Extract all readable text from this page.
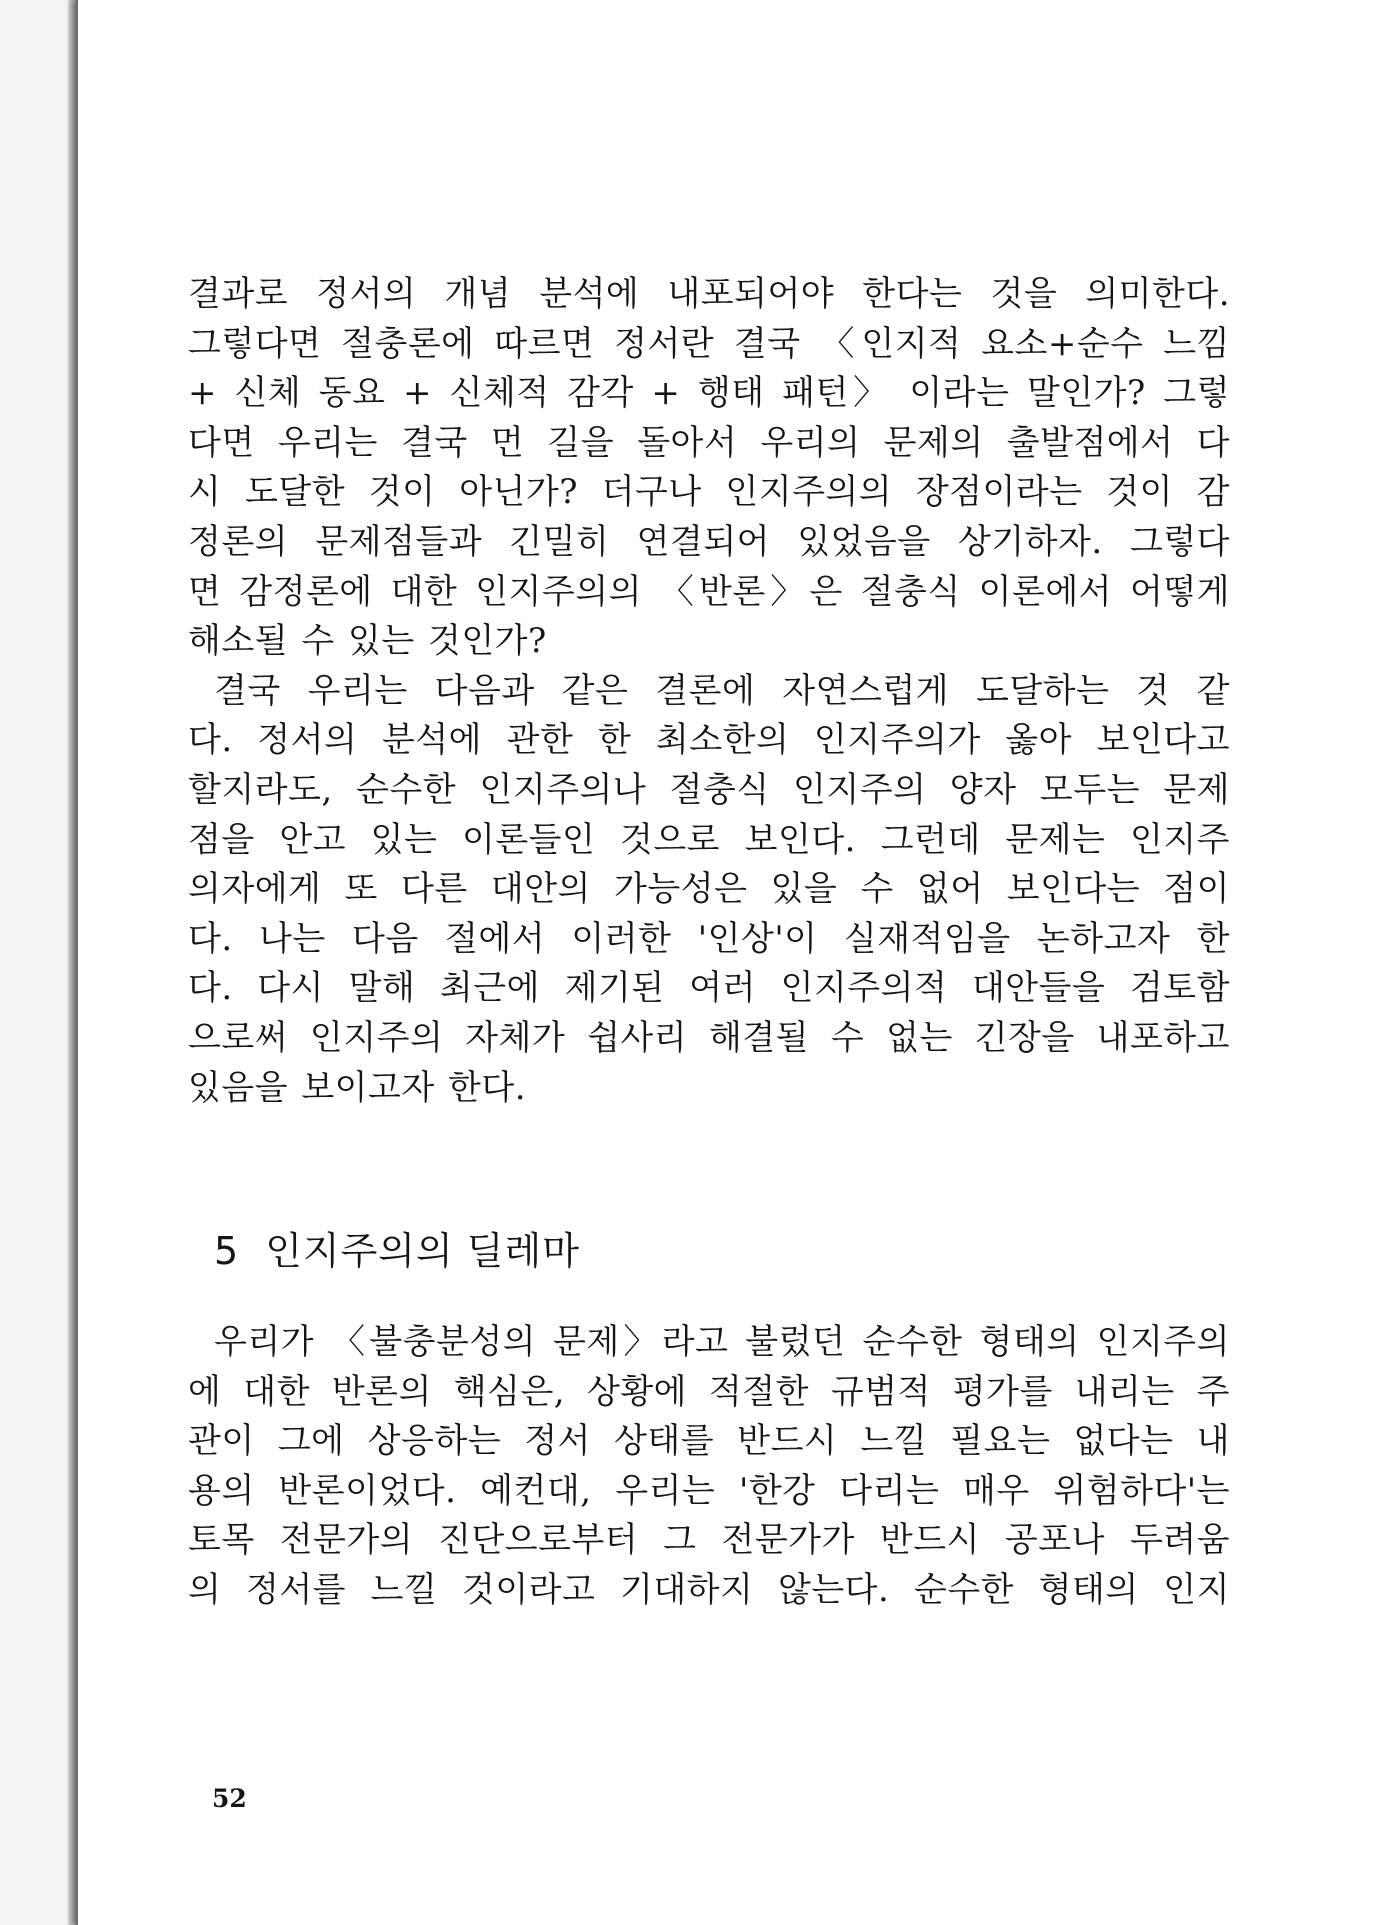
결과로 정서의 개념 분석에 내포되어야 한다는 것을 의미한다.
그렇다면 절충론에 따르면 정서란 결국 〈인지적 요소+순수 느낌
+ 신체 동요 + 신체적 감각 + 행태 패턴〉 이라는 말인가? 그렇
다면 우리는 결국 먼 길을 돌아서 우리의 문제의 출발점에서 다
시 도달한 것이 아닌가? 더구나 인지주의의 장점이라는 것이 감
정론의 문제점들과 긴밀히 연결되어 있었음을 상기하자. 그렇다
면 감정론에 대한 인지주의의 〈반론〉은 절충식 이론에서 어떻게
해소될 수 있는 것인가?
결국 우리는 다음과 같은 결론에 자연스럽게 도달하는 것 같
다. 정서의 분석에 관한 한 최소한의 인지주의가 옳아 보인다고
할지라도, 순수한 인지주의나 절충식 인지주의 양자 모두는 문제
점을 안고 있는 이론들인 것으로 보인다. 그런데 문제는 인지주
의자에게 또 다른 대안의 가능성은 있을 수 없어 보인다는 점이
다. 나는 다음 절에서 이러한 '인상'이 실재적임을 논하고자 한
다. 다시 말해 최근에 제기된 여러 인지주의적 대안들을 검토함
으로써 인지주의 자체가 쉽사리 해결될 수 없는 긴장을 내포하고
있음을 보이고자 한다.
5 인지주의의 딜레마
우리가 〈불충분성의 문제〉라고 불렀던 순수한 형태의 인지주의
에 대한 반론의 핵심은, 상황에 적절한 규범적 평가를 내리는 주
관이 그에 상응하는 정서 상태를 반드시 느낄 필요는 없다는 내
용의 반론이었다. 예컨대, 우리는 '한강 다리는 매우 위험하다'는
토목 전문가의 진단으로부터 그 전문가가 반드시 공포나 두려움
의 정서를 느낄 것이라고 기대하지 않는다. 순수한 형태의 인지
52
